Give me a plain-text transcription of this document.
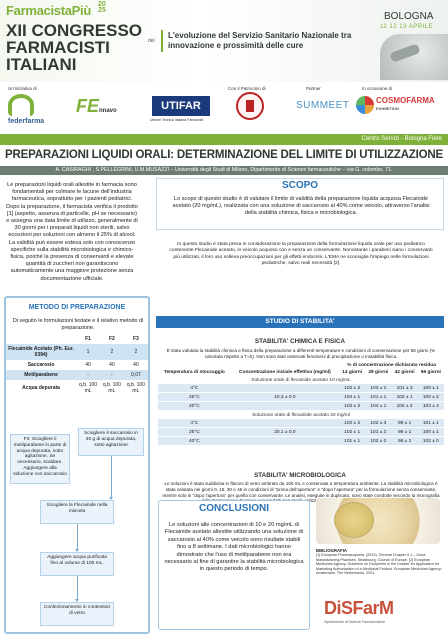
FarmacistaPiù 20 25
XII CONGRESSO FARMACISTI ITALIANI
dei
L'evoluzione del Servizio Sanitario Nazionale tra innovazione e prossimità delle cure
BOLOGNA
11 12 13 APRILE
Un'iniziativa di	Con il Patrocinio di	Partner	In occasione di
federfarma
FEnnavo	UTIFAR
Unione Tecnica Italiana Farmacisti
SUMMEET	COSMOFARMA
EXHIBITION
Centro Servizi - Bologna Fiere
PREPARAZIONI LIQUIDI ORALI: DETERMINAZIONE DEL LIMITE DI UTILIZZAZIONE
A. CASIRAGHI , S.PELLEGRINI, U.M.MUSAZZI – Università degli Studi di Milano, Dipartimento di Scienze farmaceutiche – via G. colombo, 71.
Le preparazioni liquidi orali allestite in farmacia sono fondamentali per colmare le lacune dell'industria farmaceutica, soprattutto per i pazienti pediatrici. Dopo la preparazione, il farmacista verifica il prodotto [1] (aspetto, assenza di particelle, pH se necessario) e assegna una data limite di utilizzo, generalmente di 30 giorni per i preparati liquidi non sterili, salvo eccezioni per soluzioni con almeno il 25% di alcool. La validità può essere estesa solo con conoscenze specifiche sulla stabilità microbiologica e chimico-fisica, poiché la presenza di conservanti e elevate quantità di zuccheri non garantiscono automaticamente una maggiore protezione senza documentazione ufficiale.
METODO DI PREPARAZIONE
Di seguito le formulazioni testate e il relativo metodo di preparazione.
	F1	F2	F3
Flecainide Acetato (Ph. Eur. 0394)	1	2	2
Saccarosio	40	40	40
Metilparabene	-	-	0,07
Acqua depurata	q.b. 100 mL	q.b. 100 mL	q.b. 100 mL
F3: Sciogliere il metilparabene in parte di acqua depurata, sotto agitazione. Se necessario, scaldare. Aggiungere alla soluzione con saccarosio
Sciogliere il saccarosio in 40 g di acqua depurata, sotto agitazione
Sciogliere la Flecainide nella miscela
Aggiungere acqua purificata fino al volume di 100 mL.
Confezionamento in contenitori di vetro
SCOPO
Lo scopo di questo studio è di valutare il limite di validità della preparazione liquida acquosa Flecainide acetato (20 mg/mL), realizzata con una soluzione di saccarosio al 40% come veicolo, attraverso l'analisi della stabilità chimica, fisica e microbiologica.
In questo studio è stata presa in considerazione la preparazione della formulazione liquida orale per uso pediatrico contenente Flecainide acetato, in veicolo acquoso con e senza un conservante. Nonostante i parabeni siano i conservanti più utilizzati, il loro uso solleva preoccupazioni per gli effetti endocrini. L'EMA ne sconsiglia l'impiego nelle formulazioni pediatriche, salvo reali necessità [2].
STUDIO DI STABILITA'
STABILITA' CHIMICA E FISICA
È stata valutata la stabilità chimica e fisica della preparazione a differenti temperature e condizioni di conservazione per 56 giorni (% calcolata rispetto a T=0). Non sono stati osservati fenomeni di precipitazione o instabilità fisica.
Temperatura di stoccaggio	Concentrazione iniziale effettiva (mg/ml)	% di concentrazione dichiarata residua			
		14 giorni	28 giorni	42 giorni	56 giorni
Soluzione orale di flecainide acetato 10 mg/mL					
4°C		102 ± 2	103 ± 1	101 ± 3	100 ± 1
25°C	10.3 ± 0.0	104 ± 1	101 ± 1	102 ± 1	100 ± 2
40°C		103 ± 2	104 ± 1	102 ± 4	103 ± 4
Soluzione orale di flecainide acetato 20 mg/ml					
4°C		102 ± 2	102 ± 3	98 ± 1	101 ± 1
25°C	20.1 ± 0.0	102 ± 1	101 ± 2	98 ± 1	100 ± 1
40°C		101 ± 1	102 ± 2	98 ± 1	102 ± 0
STABILITA' MICROBIOLOGICA
Le soluzioni è stata suddivisa in flaconi di vetro ambrato da 100 mL e conservata a temperatura ambiente. La stabilità microbiologica è stata valutata nei giorni 0, 15, 30 e 45 in condizioni di "prima dell'apertura" e "dopo l'apertura" per la formulazione senza conservante, mentre solo in "dopo l'apertura" per quella con conservante. Le analisi, eseguite in duplicato, sono state condotte secondo la monografia
CONCLUSIONI
Le soluzioni alle concentrazioni di 10 e 20 mg/mL di Flecainide acetato allestite utilizzando una soluzione di saccarosio al 40% come veicolo sono risultate stabili fino a 8 settimane. I dati microbiologici hanno dimostrato che l'uso di metilparabene non era necessario al fine di garantire la stabilità microbiologica in questo periodo di tempo.
BIBLIOGRAFIA
[1] European Pharmacopoeia. (2023). General Chapter 5.1 – Good Manufacturing Practices. Strasbourg: Council of Europe. [2] European Medicines Agency. Guideline on Excipients in the Dossier for Application for Marketing Authorisation of a Medicinal Product. European Medicines Agency: Amsterdam, The Netherlands, 2021.
DiSFarM
Dipartimento di Scienze Farmaceutiche
